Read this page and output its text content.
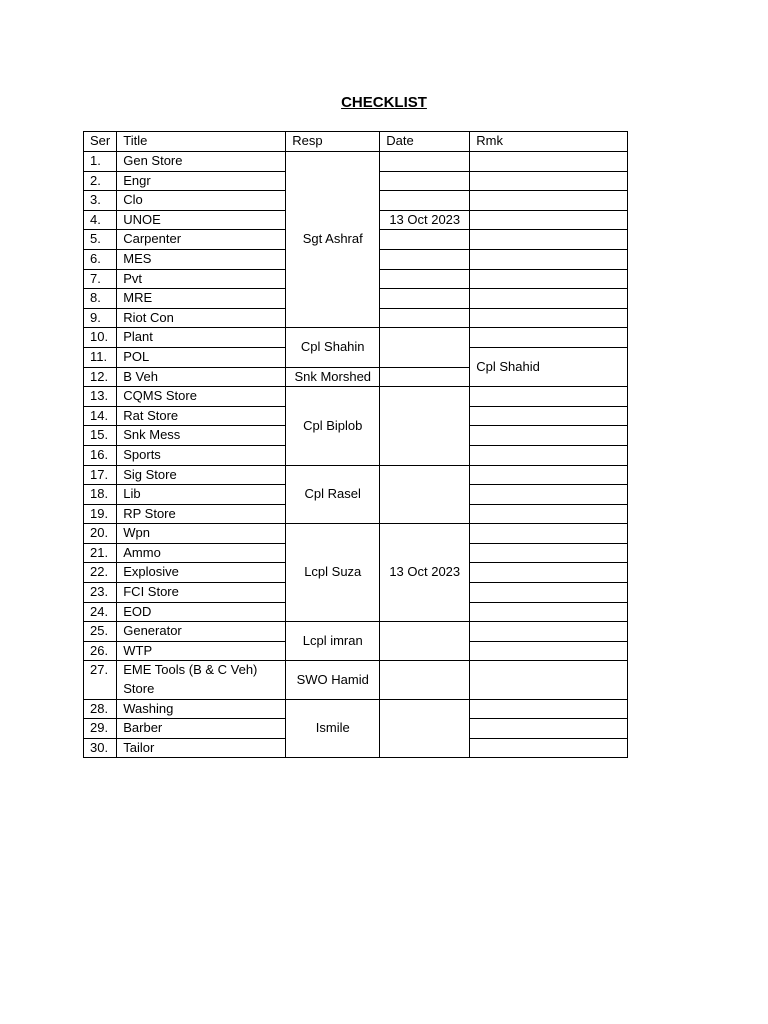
CHECKLIST
Ser	Title	Resp	Date	Rmk
1.	Gen Store	Sgt Ashraf		
2.	Engr			
3.	Clo			
4.	UNOE		13 Oct 2023	
5.	Carpenter			
6.	MES			
7.	Pvt			
8.	MRE			
9.	Riot Con			
10.	Plant	Cpl Shahin		
11.	POL			Cpl Shahid
12.	B Veh	Snk Morshed		
13.	CQMS Store	Cpl Biplob		
14.	Rat Store			
15.	Snk Mess			
16.	Sports			
17.	Sig Store	Cpl Rasel		
18.	Lib			
19.	RP Store			
20.	Wpn	Lcpl Suza	13 Oct 2023	
21.	Ammo			
22.	Explosive			
23.	FCI Store			
24.	EOD			
25.	Generator	Lcpl imran		
26.	WTP			
27.	EME Tools (B & C Veh) Store	SWO Hamid		
28.	Washing	Ismile		
29.	Barber			
30.	Tailor			
